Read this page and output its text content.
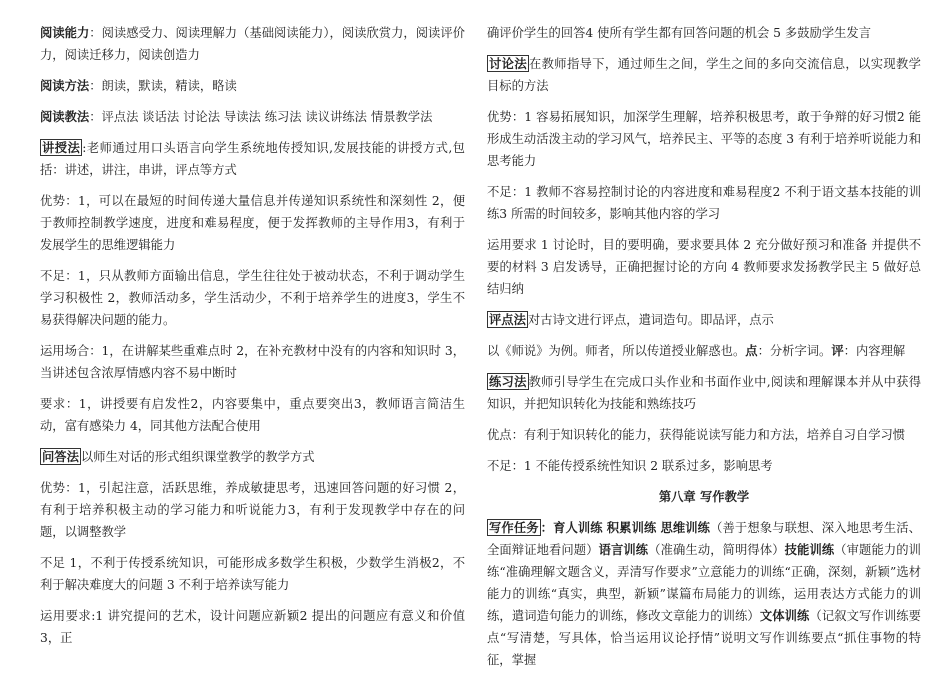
阅读能力：阅读感受力、阅读理解力（基础阅读能力），阅读欣赏力，阅读评价力，阅读迁移力，阅读创造力

阅读方法：朗读，默读，精读，略读

阅读教法：评点法 谈话法 讨论法 导读法 练习法 读议讲练法 情景教学法

讲授法 :老师通过用口头语言向学生系统地传授知识,发展技能的讲授方式,包括：讲述，讲注，串讲，评点等方式

优势：1，可以在最短的时间传递大量信息并传递知识系统性和深刻性 2，便于教师控制教学速度，进度和难易程度，便于发挥教师的主导作用3，有利于发展学生的思维逻辑能力

不足：1，只从教师方面输出信息，学生往往处于被动状态，不利于调动学生学习积极性 2，教师活动多，学生活动少，不利于培养学生的进度3，学生不易获得解决问题的能力。

运用场合：1，在讲解某些重难点时 2，在补充教材中没有的内容和知识时 3，当讲述包含浓厚情感内容不易中断时

要求：1，讲授要有启发性2，内容要集中，重点要突出3，教师语言简洁生动，富有感染力 4，同其他方法配合使用

问答法 以师生对话的形式组织课堂教学的教学方式

优势：1，引起注意，活跃思维，养成敏捷思考，迅速回答问题的好习惯 2，有利于培养积极主动的学习能力和听说能力3，有利于发现教学中存在的问题，以调整教学

不足 1，不利于传授系统知识，可能形成多数学生积极，少数学生消极2，不利于解决难度大的问题 3 不利于培养读写能力

运用要求:1 讲究提问的艺术，设计问题应新颖2 提出的问题应有意义和价值 3，正

确评价学生的回答4 使所有学生都有回答问题的机会 5 多鼓励学生发言

讨论法 在教师指导下，通过师生之间，学生之间的多向交流信息，以实现教学目标的方法

优势：1 容易拓展知识，加深学生理解，培养积极思考，敢于争辩的好习惯2 能形成生动活泼主动的学习风气，培养民主、平等的态度 3 有利于培养听说能力和思考能力

不足：1 教师不容易控制讨论的内容进度和难易程度2 不利于语文基本技能的训练3 所需的时间较多，影响其他内容的学习

运用要求 1 讨论时，目的要明确，要求要具体 2 充分做好预习和准备 并提供不要的材料 3 启发诱导，正确把握讨论的方向 4 教师要求发扬教学民主 5 做好总结归纳

评点法 对古诗文进行评点，遣词造句。即品评，点示

以《师说》为例。师者，所以传道授业解惑也。点：分析字词。评：内容理解

练习法 教师引导学生在完成口头作业和书面作业中,阅读和理解课本并从中获得知识，并把知识转化为技能和熟练技巧

优点：有利于知识转化的能力，获得能说读写能力和方法，培养自习自学习惯

不足：1 不能传授系统性知识 2 联系过多，影响思考

第八章 写作教学

写作任务 ：育人训练 积累训练 思维训练（善于想象与联想、深入地思考生活、全面辩证地看问题）语言训练（准确生动，简明得体）技能训练（审题能力的训练“准确理解文题含义，弄清写作要求”立意能力的训练“正确，深刻，新颖”选材能力的训练“真实，典型，新颖”谋篇布局能力的训练，运用表达方式能力的训练，遣词造句能力的训练，修改文章能力的训练）文体训练（记叙文写作训练要点“写清楚，写具体，恰当运用议论抒情”说明文写作训练要点“抓住事物的特征，掌握
